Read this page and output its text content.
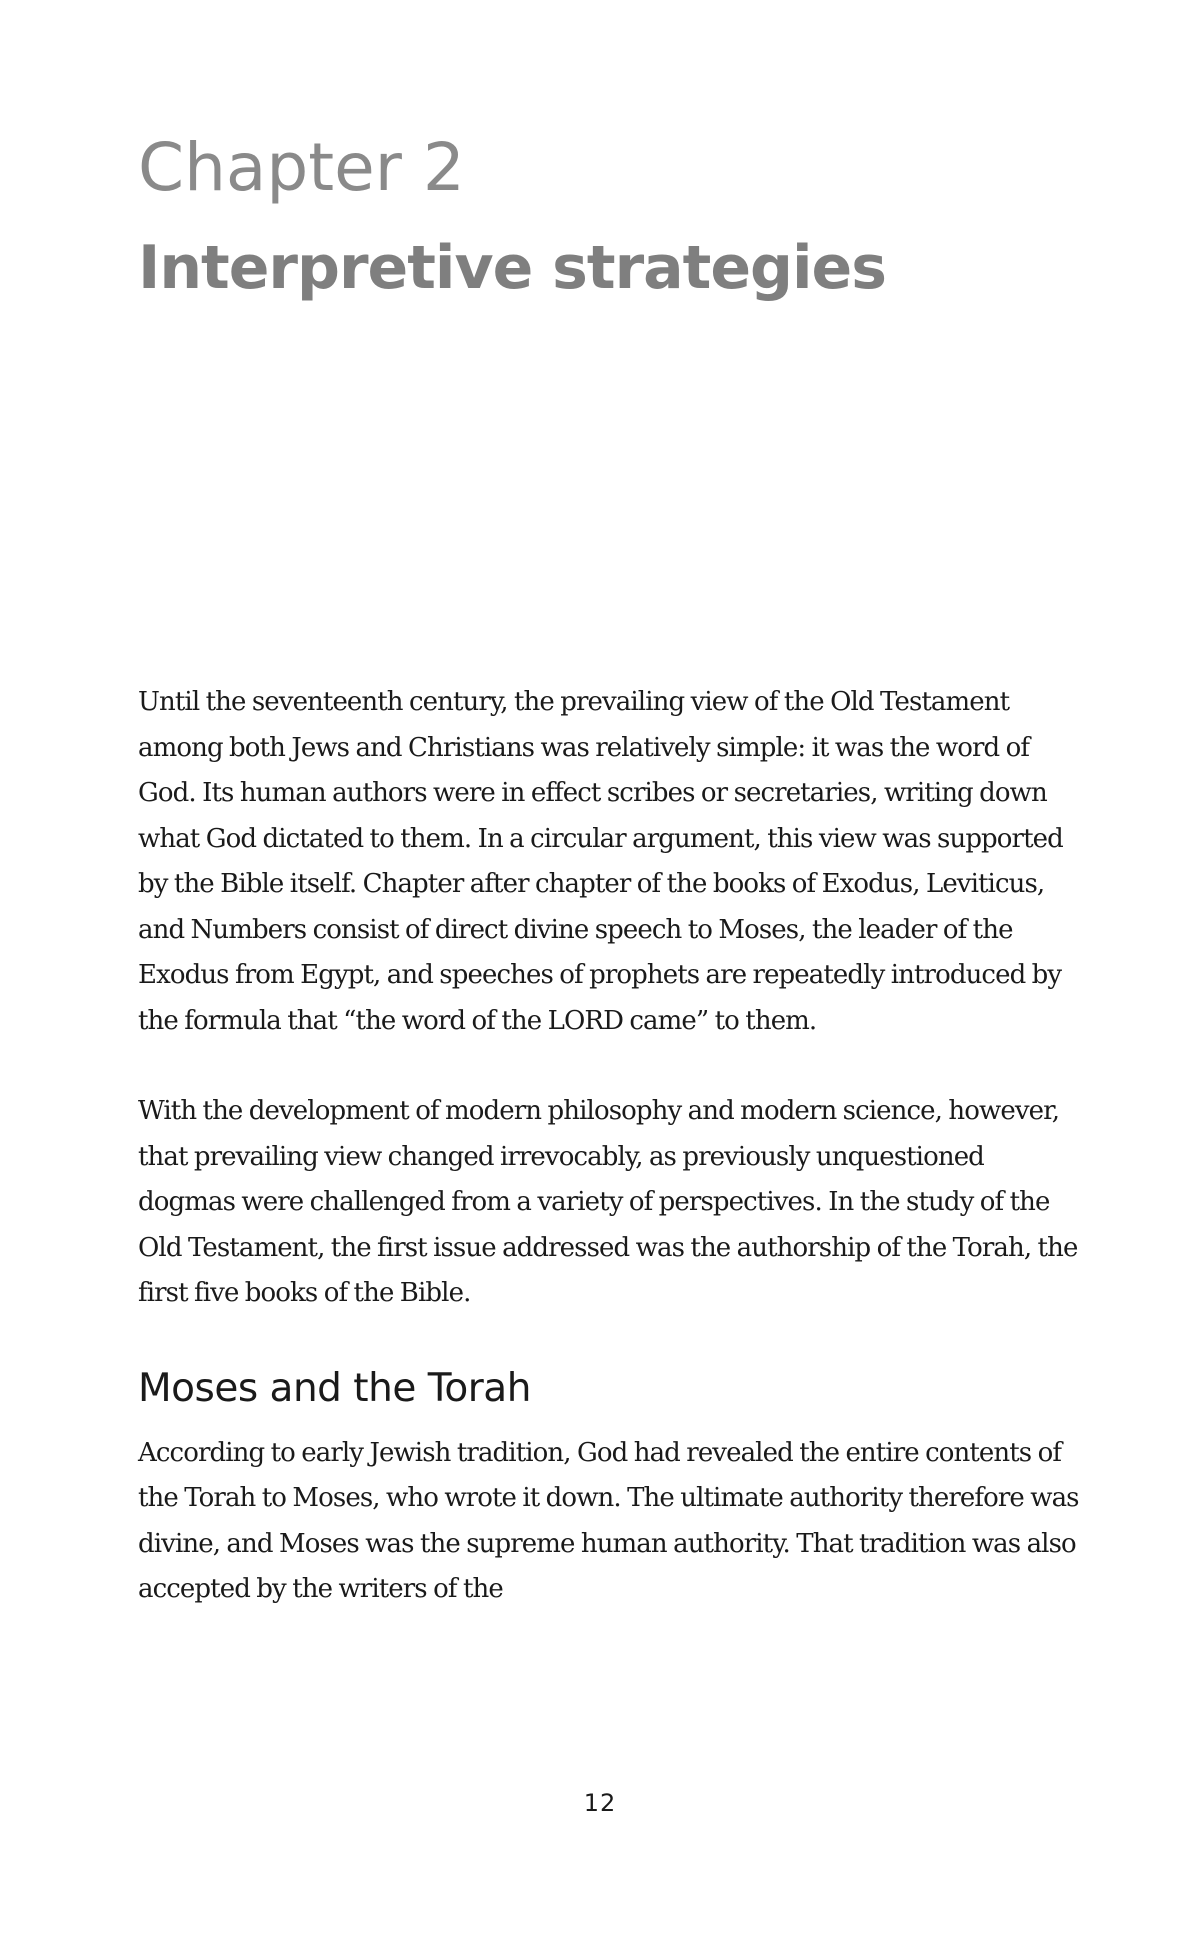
Chapter 2
Interpretive strategies

Until the seventeenth century, the prevailing view of the Old Testament among both Jews and Christians was relatively simple: it was the word of God. Its human authors were in effect scribes or secretaries, writing down what God dictated to them. In a circular argument, this view was supported by the Bible itself. Chapter after chapter of the books of Exodus, Leviticus, and Numbers consist of direct divine speech to Moses, the leader of the Exodus from Egypt, and speeches of prophets are repeatedly introduced by the formula that “the word of the LORD came” to them.

With the development of modern philosophy and modern science, however, that prevailing view changed irrevocably, as previously unquestioned dogmas were challenged from a variety of perspectives. In the study of the Old Testament, the first issue addressed was the authorship of the Torah, the first five books of the Bible.

Moses and the Torah

According to early Jewish tradition, God had revealed the entire contents of the Torah to Moses, who wrote it down. The ultimate authority therefore was divine, and Moses was the supreme human authority. That tradition was also accepted by the writers of the

12
